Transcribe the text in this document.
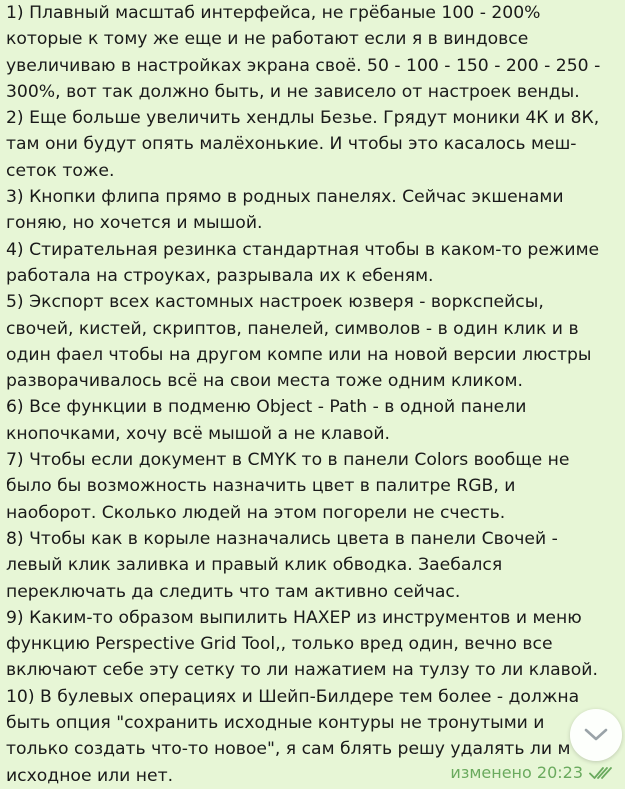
1) Плавный масштаб интерфейса, не грёбаные 100 - 200%
которые к тому же еще и не работают если я в виндовсе
увеличиваю в настройках экрана своё. 50 - 100 - 150 - 200 - 250 -
300%, вот так должно быть, и не зависело от настроек венды.
2) Еще больше увеличить хендлы Безье. Грядут моники 4К и 8К,
там они будут опять малёхонькие. И чтобы это касалось меш-
сеток тоже.
3) Кнопки флипа прямо в родных панелях. Сейчас экшенами
гоняю, но хочется и мышой.
4) Стирательная резинка стандартная чтобы в каком-то режиме
работала на строуках, разрывала их к ебеням.
5) Экспорт всех кастомных настроек юзверя - воркспейсы,
свочей, кистей, скриптов, панелей, символов - в один клик и в
один фаел чтобы на другом компе или на новой версии люстры
разворачивалось всё на свои места тоже одним кликом.
6) Все функции в подменю Object - Path - в одной панели
кнопочками, хочу всё мышой а не клавой.
7) Чтобы если документ в CMYK то в панели Colors вообще не
было бы возможность назначить цвет в палитре RGB, и
наоборот. Сколько людей на этом погорели не счесть.
8) Чтобы как в корыле назначались цвета в панели Свочей -
левый клик заливка и правый клик обводка. Заебался
переключать да следить что там активно сейчас.
9) Каким-то образом выпилить НАХЕР из инструментов и меню
функцию Perspective Grid Tool,, только вред один, вечно все
включают себе эту сетку то ли нажатием на тулзу то ли клавой.
10) В булевых операциях и Шейп-Билдере тем более - должна
быть опция "сохранить исходные контуры не тронутыми и
только создать что-то новое", я сам блять решу удалять ли м
исходное или нет.	изменено 20:23
